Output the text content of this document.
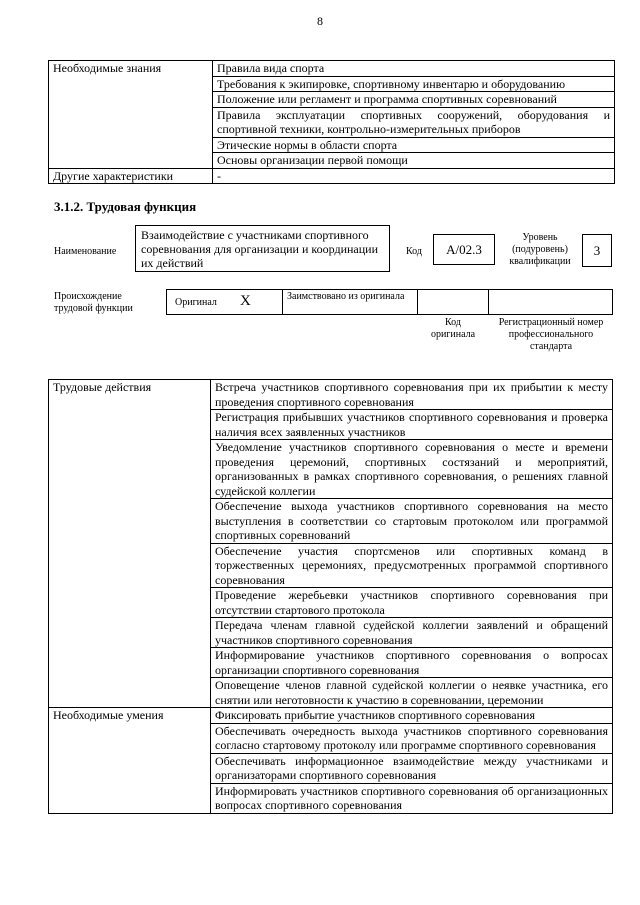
8
Необходимые знания	Правила вида спорта
	Требования к экипировке, спортивному инвентарю и оборудованию
	Положение или регламент и программа спортивных соревнований
	Правила эксплуатации спортивных сооружений, оборудования и спортивной техники, контрольно-измерительных приборов
	Этические нормы в области спорта
	Основы организации первой помощи
Другие характеристики	-
3.1.2. Трудовая функция
Наименование
Взаимодействие с участниками спортивного соревнования для организации и координации их действий
Код	А/02.3
Уровень (подуровень) квалификации
3
Происхождение трудовой функции
Оригинал X	Заимствовано из оригинала
Код оригинала
Регистрационный номер профессионального стандарта
Трудовые действия	Встреча участников спортивного соревнования при их прибытии к месту проведения спортивного соревнования
	Регистрация прибывших участников спортивного соревнования и проверка наличия всех заявленных участников
	Уведомление участников спортивного соревнования о месте и времени проведения церемоний, спортивных состязаний и мероприятий, организованных в рамках спортивного соревнования, о решениях главной судейской коллегии
	Обеспечение выхода участников спортивного соревнования на место выступления в соответствии со стартовым протоколом или программой спортивных соревнований
	Обеспечение участия спортсменов или спортивных команд в торжественных церемониях, предусмотренных программой спортивного соревнования
	Проведение жеребьевки участников спортивного соревнования при отсутствии стартового протокола
	Передача членам главной судейской коллегии заявлений и обращений участников спортивного соревнования
	Информирование участников спортивного соревнования о вопросах организации спортивного соревнования
	Оповещение членов главной судейской коллегии о неявке участника, его снятии или неготовности к участию в соревновании, церемонии
Необходимые умения	Фиксировать прибытие участников спортивного соревнования
	Обеспечивать очередность выхода участников спортивного соревнования согласно стартовому протоколу или программе спортивного соревнования
	Обеспечивать информационное взаимодействие между участниками и организаторами спортивного соревнования
	Информировать участников спортивного соревнования об организационных вопросах спортивного соревнования
